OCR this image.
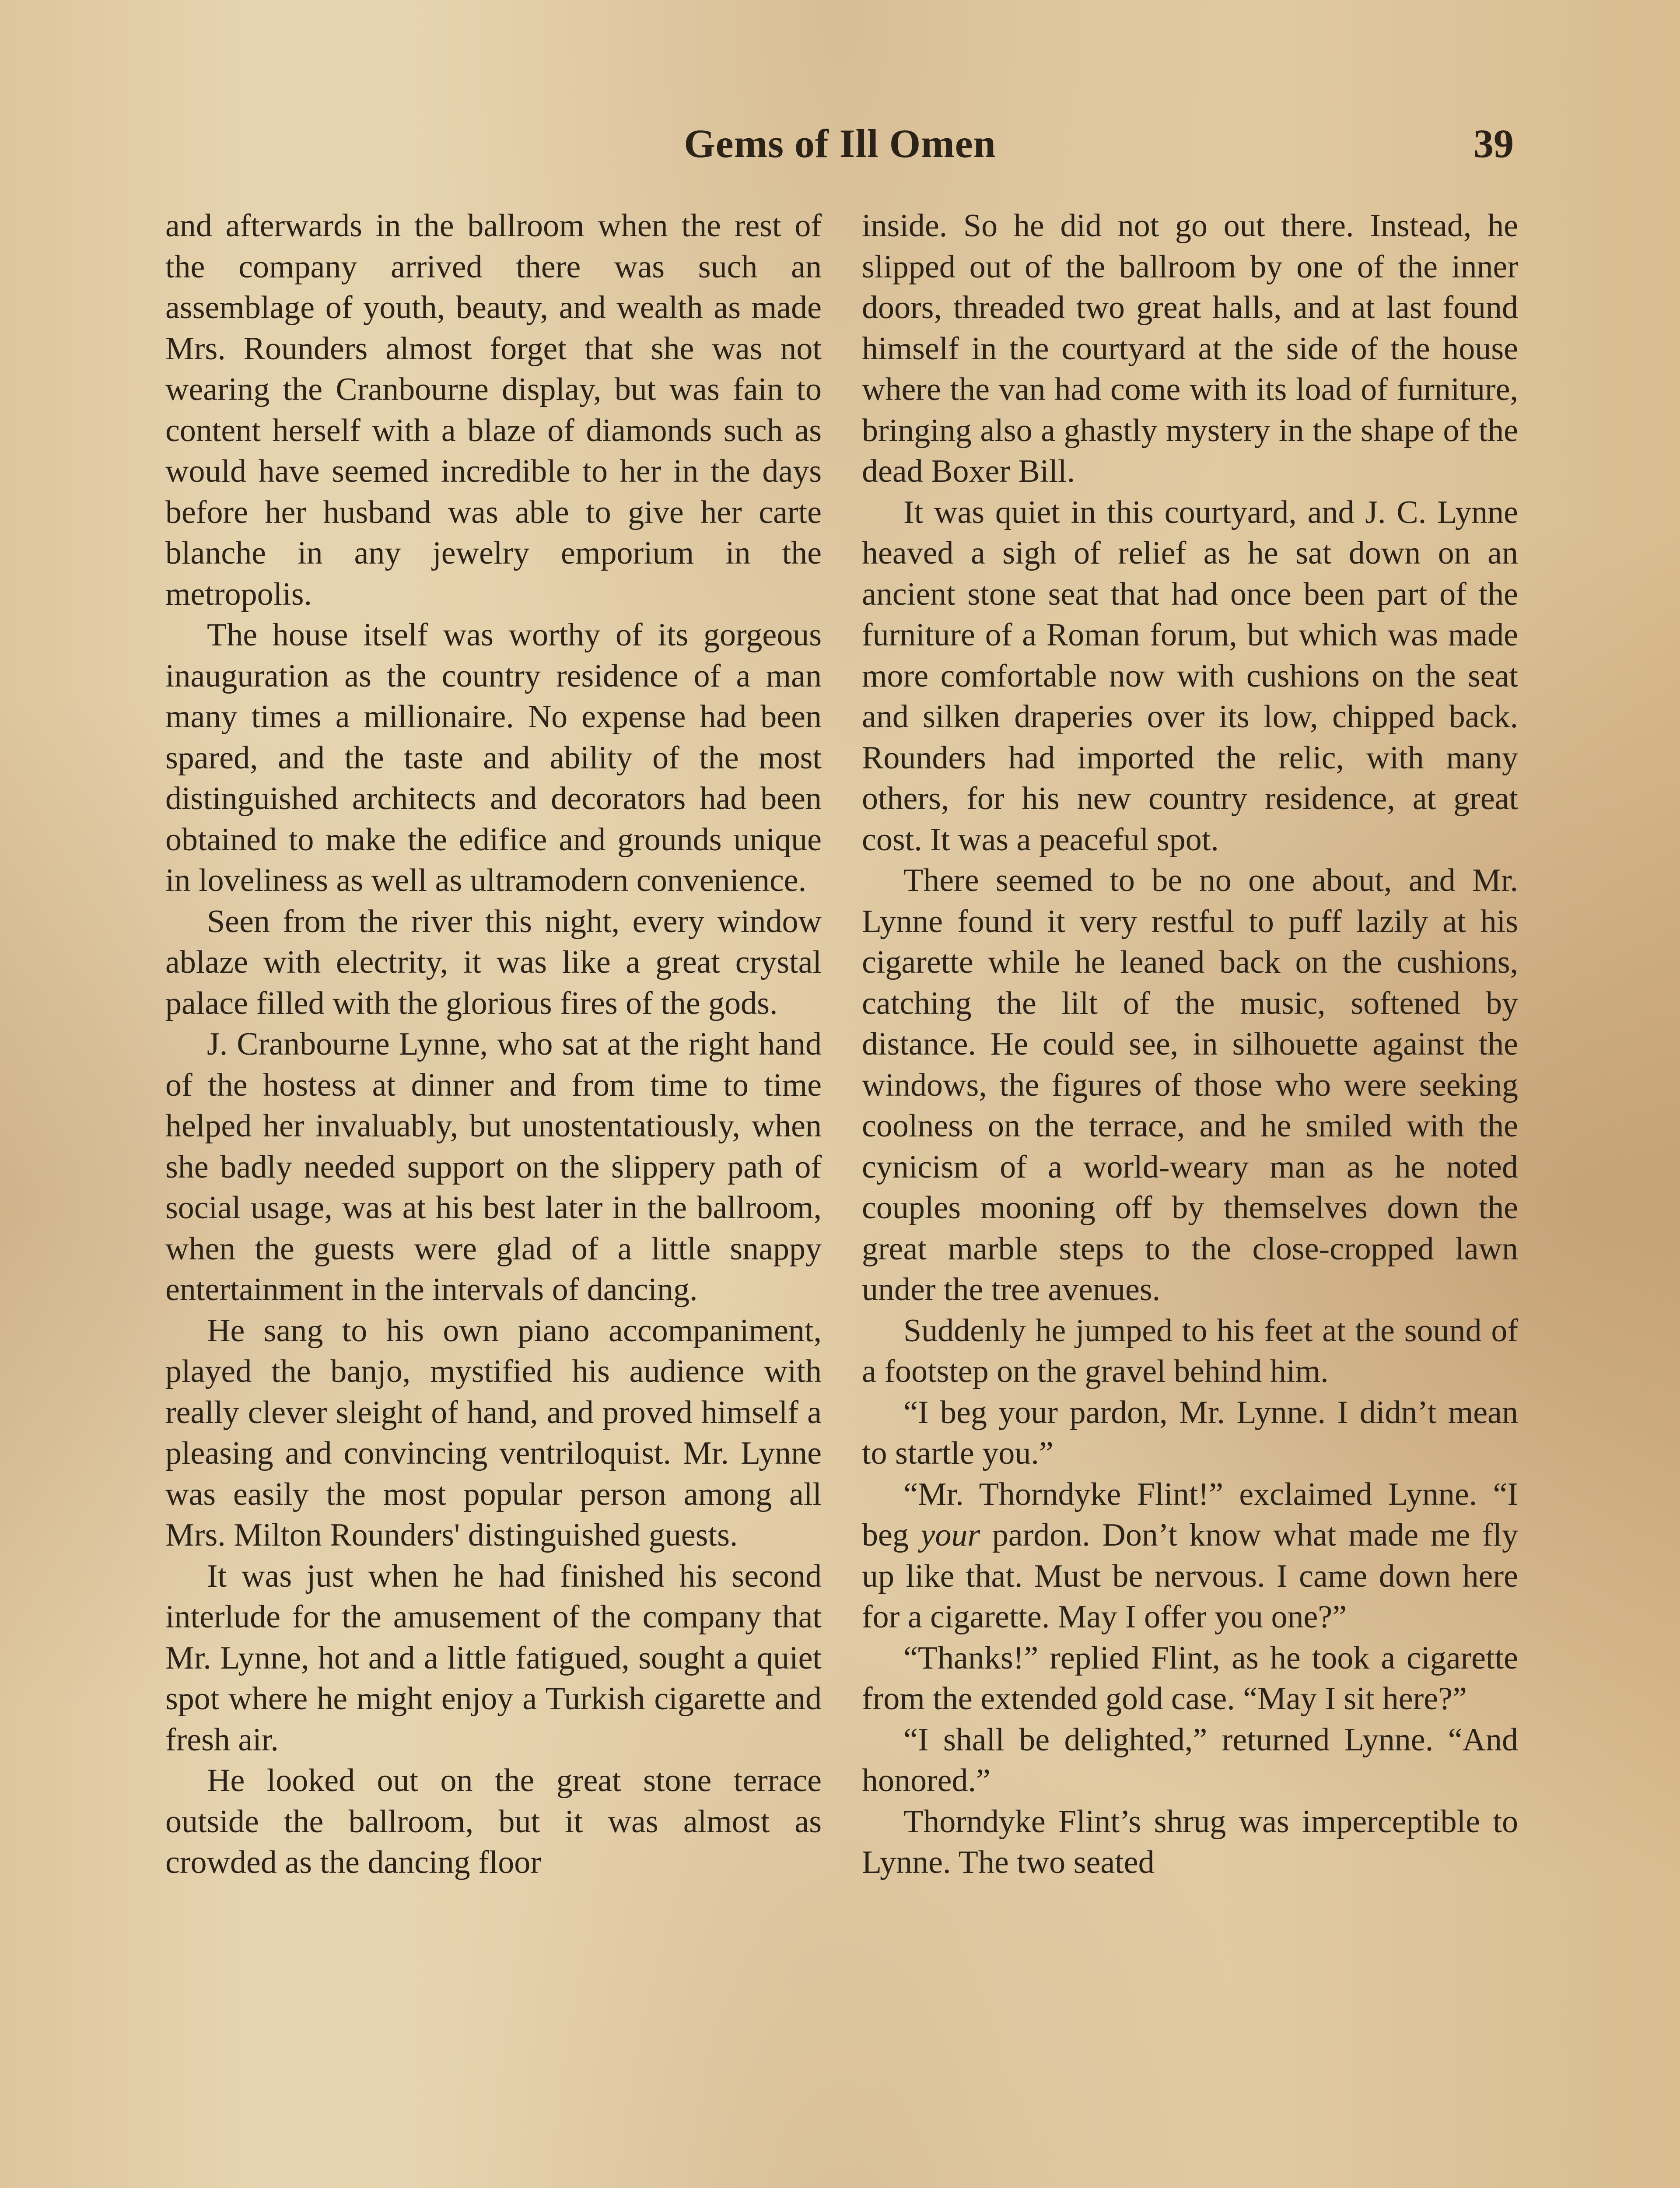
Gems of Ill Omen	39

and afterwards in the ballroom when the rest of the company arrived there was such an assemblage of youth, beauty, and wealth as made Mrs. Rounders almost forget that she was not wearing the Cranbourne display, but was fain to content herself with a blaze of diamonds such as would have seemed incredible to her in the days before her husband was able to give her carte blanche in any jewelry emporium in the metropolis.

The house itself was worthy of its gorgeous inauguration as the country residence of a man many times a millionaire. No expense had been spared, and the taste and ability of the most distinguished architects and decorators had been obtained to make the edifice and grounds unique in loveliness as well as ultramodern convenience.

Seen from the river this night, every window ablaze with electrity, it was like a great crystal palace filled with the glorious fires of the gods.

J. Cranbourne Lynne, who sat at the right hand of the hostess at dinner and from time to time helped her invaluably, but unostentatiously, when she badly needed support on the slippery path of social usage, was at his best later in the ballroom, when the guests were glad of a little snappy entertainment in the intervals of dancing.

He sang to his own piano accompaniment, played the banjo, mystified his audience with really clever sleight of hand, and proved himself a pleasing and convincing ventriloquist. Mr. Lynne was easily the most popular person among all Mrs. Milton Rounders' distinguished guests.

It was just when he had finished his second interlude for the amusement of the company that Mr. Lynne, hot and a little fatigued, sought a quiet spot where he might enjoy a Turkish cigarette and fresh air.

He looked out on the great stone terrace outside the ballroom, but it was almost as crowded as the dancing floor

inside. So he did not go out there. Instead, he slipped out of the ballroom by one of the inner doors, threaded two great halls, and at last found himself in the courtyard at the side of the house where the van had come with its load of furniture, bringing also a ghastly mystery in the shape of the dead Boxer Bill.

It was quiet in this courtyard, and J. C. Lynne heaved a sigh of relief as he sat down on an ancient stone seat that had once been part of the furniture of a Roman forum, but which was made more comfortable now with cushions on the seat and silken draperies over its low, chipped back. Rounders had imported the relic, with many others, for his new country residence, at great cost. It was a peaceful spot.

There seemed to be no one about, and Mr. Lynne found it very restful to puff lazily at his cigarette while he leaned back on the cushions, catching the lilt of the music, softened by distance. He could see, in silhouette against the windows, the figures of those who were seeking coolness on the terrace, and he smiled with the cynicism of a world-weary man as he noted couples mooning off by themselves down the great marble steps to the close-cropped lawn under the tree avenues.

Suddenly he jumped to his feet at the sound of a footstep on the gravel behind him.

“I beg your pardon, Mr. Lynne. I didn’t mean to startle you.”

“Mr. Thorndyke Flint!” exclaimed Lynne. “I beg your pardon. Don’t know what made me fly up like that. Must be nervous. I came down here for a cigarette. May I offer you one?”

“Thanks!” replied Flint, as he took a cigarette from the extended gold case. “May I sit here?”

“I shall be delighted,” returned Lynne. “And honored.”

Thorndyke Flint’s shrug was imperceptible to Lynne. The two seated
